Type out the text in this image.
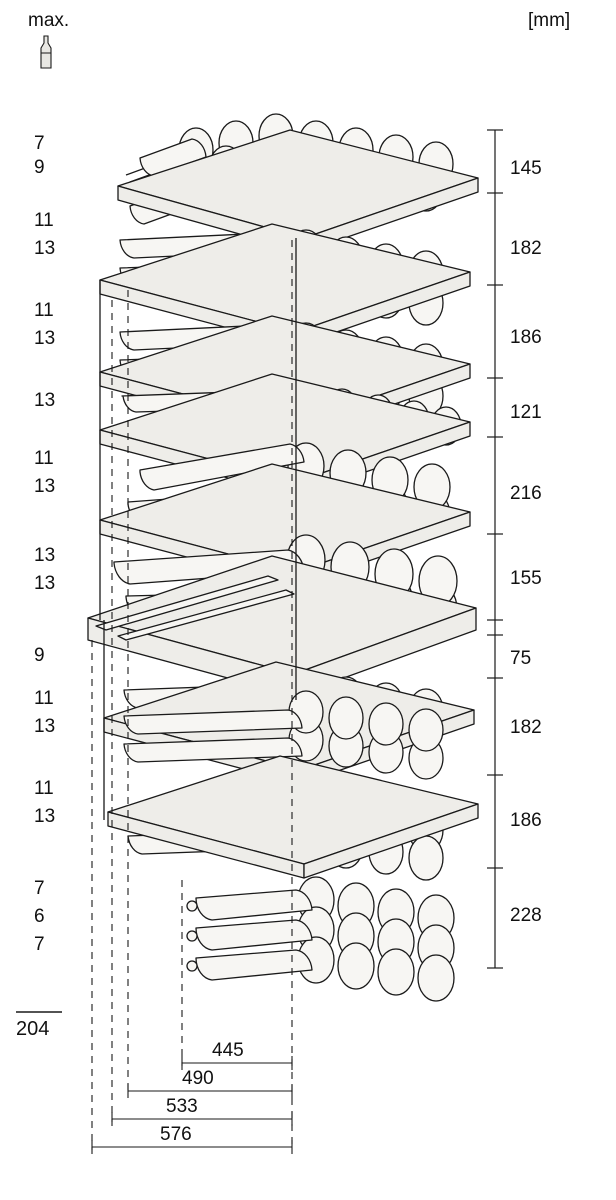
max.	[mm]
7
9
11
13
11
13
13
11
13
13
13
9
11
13
11
13
7
6
7
204
145
182
186
121
216
155
75
182
186
228
445
490
533
576
